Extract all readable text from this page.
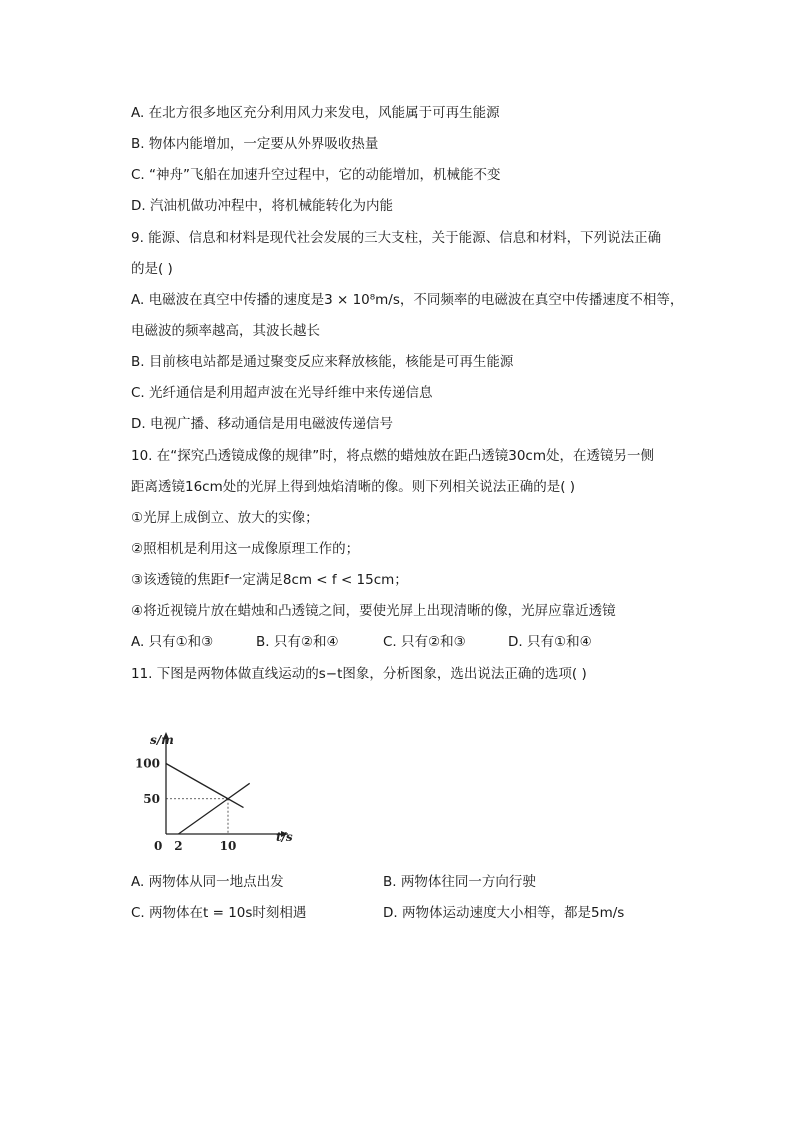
A. 在北方很多地区充分利用风力来发电，风能属于可再生能源
B. 物体内能增加，一定要从外界吸收热量
C. “神舟”飞船在加速升空过程中，它的动能增加，机械能不变
D. 汽油机做功冲程中，将机械能转化为内能
9. 能源、信息和材料是现代社会发展的三大支柱，关于能源、信息和材料，下列说法正确
的是( )
A. 电磁波在真空中传播的速度是3 × 10⁸m/s，不同频率的电磁波在真空中传播速度不相等，
电磁波的频率越高，其波长越长
B. 目前核电站都是通过聚变反应来释放核能，核能是可再生能源
C. 光纤通信是利用超声波在光导纤维中来传递信息
D. 电视广播、移动通信是用电磁波传递信号
10. 在“探究凸透镜成像的规律”时，将点燃的蜡烛放在距凸透镜30cm处，在透镜另一侧
距离透镜16cm处的光屏上得到烛焰清晰的像。则下列相关说法正确的是( )
①光屏上成倒立、放大的实像；
②照相机是利用这一成像原理工作的；
③该透镜的焦距f一定满足8cm < f < 15cm；
④将近视镜片放在蜡烛和凸透镜之间，要使光屏上出现清晰的像，光屏应靠近透镜
A. 只有①和③	B. 只有②和④	C. 只有②和③	D. 只有①和④
11. 下图是两物体做直线运动的s−t图象，分析图象，选出说法正确的选项( )
s/m
t/s
100
50
0 2	10
A. 两物体从同一地点出发	B. 两物体往同一方向行驶
C. 两物体在t = 10s时刻相遇	D. 两物体运动速度大小相等，都是5m/s
